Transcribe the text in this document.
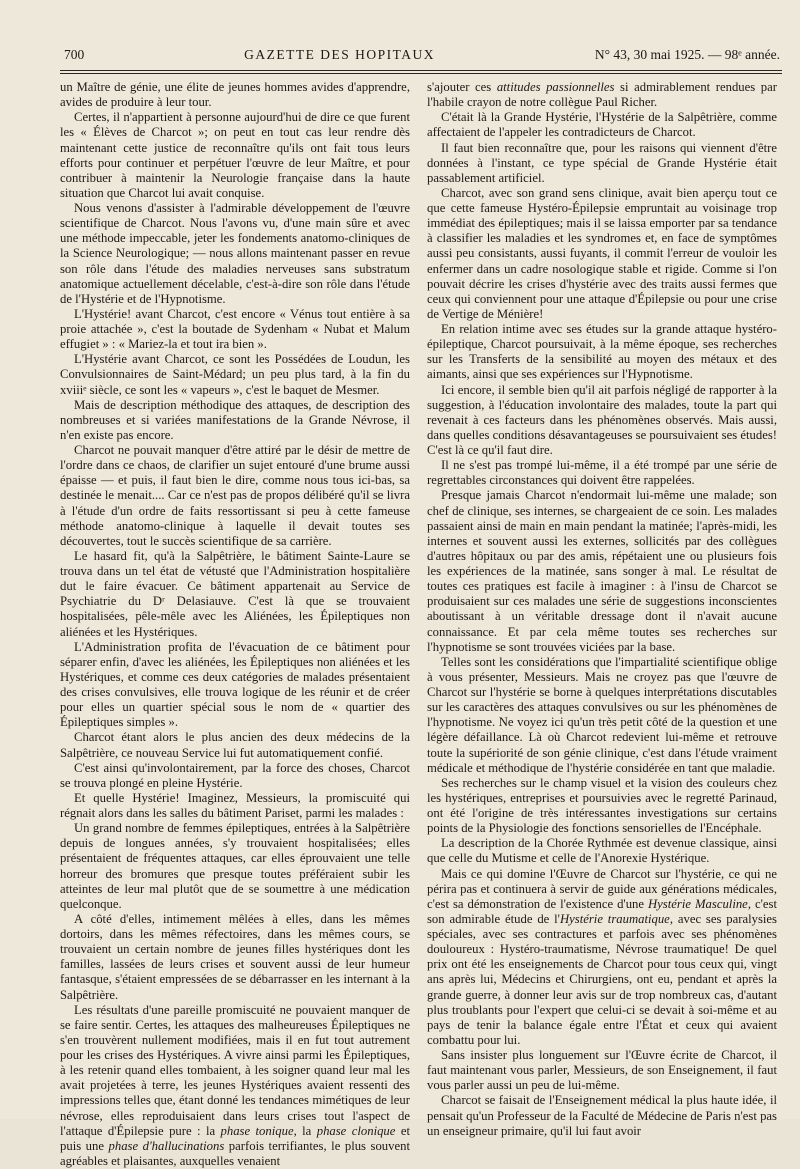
700	GAZETTE DES HOPITAUX	N° 43, 30 mai 1925. — 98ᵉ année.

un Maître de génie, une élite de jeunes hommes avides d'apprendre, avides de produire à leur tour.

Certes, il n'appartient à personne aujourd'hui de dire ce que furent les « Élèves de Charcot »; on peut en tout cas leur rendre dès maintenant cette justice de reconnaître qu'ils ont fait tous leurs efforts pour continuer et perpétuer l'œuvre de leur Maître, et pour contribuer à maintenir la Neurologie française dans la haute situation que Charcot lui avait conquise.

Nous venons d'assister à l'admirable développement de l'œuvre scientifique de Charcot. Nous l'avons vu, d'une main sûre et avec une méthode impeccable, jeter les fondements anatomo-cliniques de la Science Neurologique; — nous allons maintenant passer en revue son rôle dans l'étude des maladies nerveuses sans substratum anatomique actuellement décelable, c'est-à-dire son rôle dans l'étude de l'Hystérie et de l'Hypnotisme.

L'Hystérie! avant Charcot, c'est encore « Vénus tout entière à sa proie attachée », c'est la boutade de Sydenham « Nubat et Malum effugiet » : « Mariez-la et tout ira bien ».

L'Hystérie avant Charcot, ce sont les Possédées de Loudun, les Convulsionnaires de Saint-Médard; un peu plus tard, à la fin du xviiiᵉ siècle, ce sont les « vapeurs », c'est le baquet de Mesmer.

Mais de description méthodique des attaques, de description des nombreuses et si variées manifestations de la Grande Névrose, il n'en existe pas encore.

Charcot ne pouvait manquer d'être attiré par le désir de mettre de l'ordre dans ce chaos, de clarifier un sujet entouré d'une brume aussi épaisse — et puis, il faut bien le dire, comme nous tous ici-bas, sa destinée le menait.... Car ce n'est pas de propos délibéré qu'il se livra à l'étude d'un ordre de faits ressortissant si peu à cette fameuse méthode anatomo-clinique à laquelle il devait toutes ses découvertes, tout le succès scientifique de sa carrière.

Le hasard fit, qu'à la Salpêtrière, le bâtiment Sainte-Laure se trouva dans un tel état de vétusté que l'Administration hospitalière dut le faire évacuer. Ce bâtiment appartenait au Service de Psychiatrie du Dʳ Delasiauve. C'est là que se trouvaient hospitalisées, pêle-mêle avec les Aliénées, les Épileptiques non aliénées et les Hystériques.

L'Administration profita de l'évacuation de ce bâtiment pour séparer enfin, d'avec les aliénées, les Épileptiques non aliénées et les Hystériques, et comme ces deux catégories de malades présentaient des crises convulsives, elle trouva logique de les réunir et de créer pour elles un quartier spécial sous le nom de « quartier des Épileptiques simples ».

Charcot étant alors le plus ancien des deux médecins de la Salpêtrière, ce nouveau Service lui fut automatiquement confié.

C'est ainsi qu'involontairement, par la force des choses, Charcot se trouva plongé en pleine Hystérie.

Et quelle Hystérie! Imaginez, Messieurs, la promiscuité qui régnait alors dans les salles du bâtiment Pariset, parmi les malades :

Un grand nombre de femmes épileptiques, entrées à la Salpêtrière depuis de longues années, s'y trouvaient hospitalisées; elles présentaient de fréquentes attaques, car elles éprouvaient une telle horreur des bromures que presque toutes préféraient subir les atteintes de leur mal plutôt que de se soumettre à une médication quelconque.

A côté d'elles, intimement mêlées à elles, dans les mêmes dortoirs, dans les mêmes réfectoires, dans les mêmes cours, se trouvaient un certain nombre de jeunes filles hystériques dont les familles, lassées de leurs crises et souvent aussi de leur humeur fantasque, s'étaient empressées de se débarrasser en les internant à la Salpêtrière.

Les résultats d'une pareille promiscuité ne pouvaient manquer de se faire sentir. Certes, les attaques des malheureuses Épileptiques ne s'en trouvèrent nullement modifiées, mais il en fut tout autrement pour les crises des Hystériques. A vivre ainsi parmi les Épileptiques, à les retenir quand elles tombaient, à les soigner quand leur mal les avait projetées à terre, les jeunes Hystériques avaient ressenti des impressions telles que, étant donné les tendances mimétiques de leur névrose, elles reproduisaient dans leurs crises tout l'aspect de l'attaque d'Épilepsie pure : la phase tonique, la phase clonique et puis une phase d'hallucinations parfois terrifiantes, le plus souvent agréables et plaisantes, auxquelles venaient

s'ajouter ces attitudes passionnelles si admirablement rendues par l'habile crayon de notre collègue Paul Richer.

C'était là la Grande Hystérie, l'Hystérie de la Salpêtrière, comme affectaient de l'appeler les contradicteurs de Charcot.

Il faut bien reconnaître que, pour les raisons qui viennent d'être données à l'instant, ce type spécial de Grande Hystérie était passablement artificiel.

Charcot, avec son grand sens clinique, avait bien aperçu tout ce que cette fameuse Hystéro-Épilepsie empruntait au voisinage trop immédiat des épileptiques; mais il se laissa emporter par sa tendance à classifier les maladies et les syndromes et, en face de symptômes aussi peu consistants, aussi fuyants, il commit l'erreur de vouloir les enfermer dans un cadre nosologique stable et rigide. Comme si l'on pouvait décrire les crises d'hystérie avec des traits aussi fermes que ceux qui conviennent pour une attaque d'Épilepsie ou pour une crise de Vertige de Ménière!

En relation intime avec ses études sur la grande attaque hystéro-épileptique, Charcot poursuivait, à la même époque, ses recherches sur les Transferts de la sensibilité au moyen des métaux et des aimants, ainsi que ses expériences sur l'Hypnotisme.

Ici encore, il semble bien qu'il ait parfois négligé de rapporter à la suggestion, à l'éducation involontaire des malades, toute la part qui revenait à ces facteurs dans les phénomènes observés. Mais aussi, dans quelles conditions désavantageuses se poursuivaient ses études! C'est là ce qu'il faut dire.

Il ne s'est pas trompé lui-même, il a été trompé par une série de regrettables circonstances qui doivent être rappelées.

Presque jamais Charcot n'endormait lui-même une malade; son chef de clinique, ses internes, se chargeaient de ce soin. Les malades passaient ainsi de main en main pendant la matinée; l'après-midi, les internes et souvent aussi les externes, sollicités par des collègues d'autres hôpitaux ou par des amis, répétaient une ou plusieurs fois les expériences de la matinée, sans songer à mal. Le résultat de toutes ces pratiques est facile à imaginer : à l'insu de Charcot se produisaient sur ces malades une série de suggestions inconscientes aboutissant à un véritable dressage dont il n'avait aucune connaissance. Et par cela même toutes ses recherches sur l'hypnotisme se sont trouvées viciées par la base.

Telles sont les considérations que l'impartialité scientifique oblige à vous présenter, Messieurs. Mais ne croyez pas que l'œuvre de Charcot sur l'hystérie se borne à quelques interprétations discutables sur les caractères des attaques convulsives ou sur les phénomènes de l'hypnotisme. Ne voyez ici qu'un très petit côté de la question et une légère défaillance. Là où Charcot redevient lui-même et retrouve toute la supériorité de son génie clinique, c'est dans l'étude vraiment médicale et méthodique de l'hystérie considérée en tant que maladie.

Ses recherches sur le champ visuel et la vision des couleurs chez les hystériques, entreprises et poursuivies avec le regretté Parinaud, ont été l'origine de très intéressantes investigations sur certains points de la Physiologie des fonctions sensorielles de l'Encéphale.

La description de la Chorée Rythmée est devenue classique, ainsi que celle du Mutisme et celle de l'Anorexie Hystérique.

Mais ce qui domine l'Œuvre de Charcot sur l'hystérie, ce qui ne périra pas et continuera à servir de guide aux générations médicales, c'est sa démonstration de l'existence d'une Hystérie Masculine, c'est son admirable étude de l'Hystérie traumatique, avec ses paralysies spéciales, avec ses contractures et parfois avec ses phénomènes douloureux : Hystéro-traumatisme, Névrose traumatique! De quel prix ont été les enseignements de Charcot pour tous ceux qui, vingt ans après lui, Médecins et Chirurgiens, ont eu, pendant et après la grande guerre, à donner leur avis sur de trop nombreux cas, d'autant plus troublants pour l'expert que celui-ci se devait à soi-même et au pays de tenir la balance égale entre l'État et ceux qui avaient combattu pour lui.

Sans insister plus longuement sur l'Œuvre écrite de Charcot, il faut maintenant vous parler, Messieurs, de son Enseignement, il faut vous parler aussi un peu de lui-même.

Charcot se faisait de l'Enseignement médical la plus haute idée, il pensait qu'un Professeur de la Faculté de Médecine de Paris n'est pas un enseigneur primaire, qu'il lui faut avoir
